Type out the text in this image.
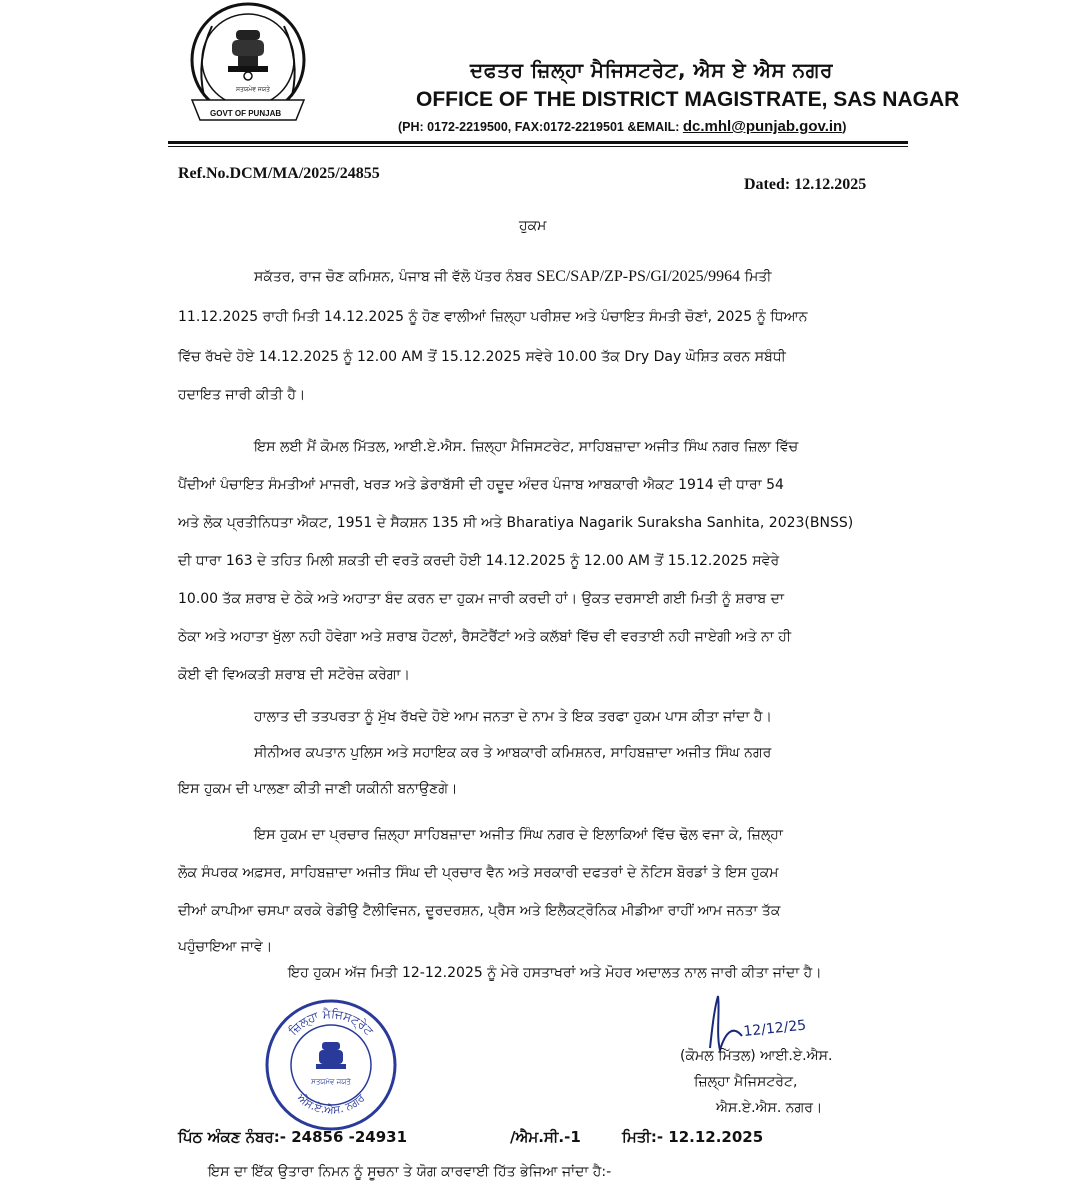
GOVT OF PUNJAB
ਸਤਯਮੇਵ ਜਯਤੇ
ਦਫਤਰ ਜ਼ਿਲ੍ਹਾ ਮੈਜਿਸਟਰੇਟ, ਐਸ ਏ ਐਸ ਨਗਰ
OFFICE OF THE DISTRICT MAGISTRATE, SAS NAGAR
(PH: 0172-2219500, FAX:0172-2219501 &EMAIL: dc.mhl@punjab.gov.in)
Ref.No.DCM/MA/2025/24855
Dated: 12.12.2025
ਹੁਕਮ
ਸਕੱਤਰ, ਰਾਜ ਚੋਣ ਕਮਿਸ਼ਨ, ਪੰਜਾਬ ਜੀ ਵੱਲੋ ਪੱਤਰ ਨੰਬਰ SEC/SAP/ZP-PS/GI/2025/9964 ਮਿਤੀ
11.12.2025 ਰਾਹੀ ਮਿਤੀ 14.12.2025 ਨੂੰ ਹੋਣ ਵਾਲੀਆਂ ਜ਼ਿਲ੍ਹਾ ਪਰੀਸ਼ਦ ਅਤੇ ਪੰਚਾਇਤ ਸੰਮਤੀ ਚੋਣਾਂ, 2025 ਨੂੰ ਧਿਆਨ
ਵਿੱਚ ਰੱਖਦੇ ਹੋਏ 14.12.2025 ਨੂੰ 12.00 AM ਤੋਂ 15.12.2025 ਸਵੇਰੇ 10.00 ਤੱਕ Dry Day ਘੋਸ਼ਿਤ ਕਰਨ ਸਬੰਧੀ
ਹਦਾਇਤ ਜਾਰੀ ਕੀਤੀ ਹੈ।
ਇਸ ਲਈ ਮੈਂ ਕੋਮਲ ਮਿੱਤਲ, ਆਈ.ਏ.ਐਸ. ਜ਼ਿਲ੍ਹਾ ਮੈਜਿਸਟਰੇਟ, ਸਾਹਿਬਜ਼ਾਦਾ ਅਜੀਤ ਸਿੰਘ ਨਗਰ ਜ਼ਿਲਾ ਵਿੱਚ
ਪੈਂਦੀਆਂ ਪੰਚਾਇਤ ਸੰਮਤੀਆਂ ਮਾਜਰੀ, ਖਰੜ ਅਤੇ ਡੇਰਾਬੱਸੀ ਦੀ ਹਦੂਦ ਅੰਦਰ ਪੰਜਾਬ ਆਬਕਾਰੀ ਐਕਟ 1914 ਦੀ ਧਾਰਾ 54
ਅਤੇ ਲੋਕ ਪ੍ਰਤੀਨਿਧਤਾ ਐਕਟ, 1951 ਦੇ ਸੈਕਸ਼ਨ 135 ਸੀ ਅਤੇ Bharatiya Nagarik Suraksha Sanhita, 2023(BNSS)
ਦੀ ਧਾਰਾ 163 ਦੇ ਤਹਿਤ ਮਿਲੀ ਸ਼ਕਤੀ ਦੀ ਵਰਤੋ ਕਰਦੀ ਹੋਈ 14.12.2025 ਨੂੰ 12.00 AM ਤੋਂ 15.12.2025 ਸਵੇਰੇ
10.00 ਤੱਕ ਸ਼ਰਾਬ ਦੇ ਠੇਕੇ ਅਤੇ ਅਹਾਤਾ ਬੰਦ ਕਰਨ ਦਾ ਹੁਕਮ ਜਾਰੀ ਕਰਦੀ ਹਾਂ। ਉਕਤ ਦਰਸਾਈ ਗਈ ਮਿਤੀ ਨੂੰ ਸ਼ਰਾਬ ਦਾ
ਠੇਕਾ ਅਤੇ ਅਹਾਤਾ ਖੁੱਲਾ ਨਹੀ ਹੋਵੇਗਾ ਅਤੇ ਸ਼ਰਾਬ ਹੋਟਲਾਂ, ਰੈਸਟੋਰੈਂਟਾਂ ਅਤੇ ਕਲੱਬਾਂ ਵਿੱਚ ਵੀ ਵਰਤਾਈ ਨਹੀ ਜਾਏਗੀ ਅਤੇ ਨਾ ਹੀ
ਕੋਈ ਵੀ ਵਿਅਕਤੀ ਸ਼ਰਾਬ ਦੀ ਸਟੋਰੇਜ਼ ਕਰੇਗਾ।
ਹਾਲਾਤ ਦੀ ਤਤਪਰਤਾ ਨੂੰ ਮੁੱਖ ਰੱਖਦੇ ਹੋਏ ਆਮ ਜਨਤਾ ਦੇ ਨਾਮ ਤੇ ਇਕ ਤਰਫਾ ਹੁਕਮ ਪਾਸ ਕੀਤਾ ਜਾਂਦਾ ਹੈ।
ਸੀਨੀਅਰ ਕਪਤਾਨ ਪੁਲਿਸ ਅਤੇ ਸਹਾਇਕ ਕਰ ਤੇ ਆਬਕਾਰੀ ਕਮਿਸ਼ਨਰ, ਸਾਹਿਬਜ਼ਾਦਾ ਅਜੀਤ ਸਿੰਘ ਨਗਰ
ਇਸ ਹੁਕਮ ਦੀ ਪਾਲਣਾ ਕੀਤੀ ਜਾਣੀ ਯਕੀਨੀ ਬਨਾਉਣਗੇ।
ਇਸ ਹੁਕਮ ਦਾ ਪ੍ਰਚਾਰ ਜ਼ਿਲ੍ਹਾ ਸਾਹਿਬਜ਼ਾਦਾ ਅਜੀਤ ਸਿੰਘ ਨਗਰ ਦੇ ਇਲਾਕਿਆਂ ਵਿੱਚ ਢੋਲ ਵਜਾ ਕੇ, ਜ਼ਿਲ੍ਹਾ
ਲੋਕ ਸੰਪਰਕ ਅਫ਼ਸਰ, ਸਾਹਿਬਜ਼ਾਦਾ ਅਜੀਤ ਸਿੰਘ ਦੀ ਪ੍ਰਚਾਰ ਵੈਨ ਅਤੇ ਸਰਕਾਰੀ ਦਫਤਰਾਂ ਦੇ ਨੋਟਿਸ ਬੋਰਡਾਂ ਤੇ ਇਸ ਹੁਕਮ
ਦੀਆਂ ਕਾਪੀਆ ਚਸਪਾ ਕਰਕੇ ਰੇਡੀਉ ਟੈਲੀਵਿਜਨ, ਦੂਰਦਰਸ਼ਨ, ਪ੍ਰੈਸ ਅਤੇ ਇਲੈਕਟ੍ਰੋਨਿਕ ਮੀਡੀਆ ਰਾਹੀਂ ਆਮ ਜਨਤਾ ਤੱਕ
ਪਹੁੰਚਾਇਆ ਜਾਵੇ।
ਇਹ ਹੁਕਮ ਅੱਜ ਮਿਤੀ 12-12.2025 ਨੂੰ ਮੇਰੇ ਹਸਤਾਖਰਾਂ ਅਤੇ ਮੋਹਰ ਅਦਾਲਤ ਨਾਲ ਜਾਰੀ ਕੀਤਾ ਜਾਂਦਾ ਹੈ।
ਜ਼ਿਲ੍ਹਾ ਮੈਜਿਸਟ੍ਰੇਟ
ਐਸ.ਏ.ਐਸ. ਨਗਰ
ਸਤਯਮੇਵ ਜਯਤੇ
12/12/25
(ਕੋਮਲ ਮਿੱਤਲ) ਆਈ.ਏ.ਐਸ.
ਜ਼ਿਲ੍ਹਾ ਮੈਜਿਸਟਰੇਟ,
ਐਸ.ਏ.ਐਸ. ਨਗਰ।
ਪਿੱਠ ਅੰਕਣ ਨੰਬਰ:- 24856 -24931	/ਐਮ.ਸੀ.-1	ਮਿਤੀ:- 12.12.2025
ਇਸ ਦਾ ਇੱਕ ਉਤਾਰਾ ਨਿਮਨ ਨੂੰ ਸੂਚਨਾ ਤੇ ਯੋਗ ਕਾਰਵਾਈ ਹਿੱਤ ਭੇਜਿਆ ਜਾਂਦਾ ਹੈ:-
